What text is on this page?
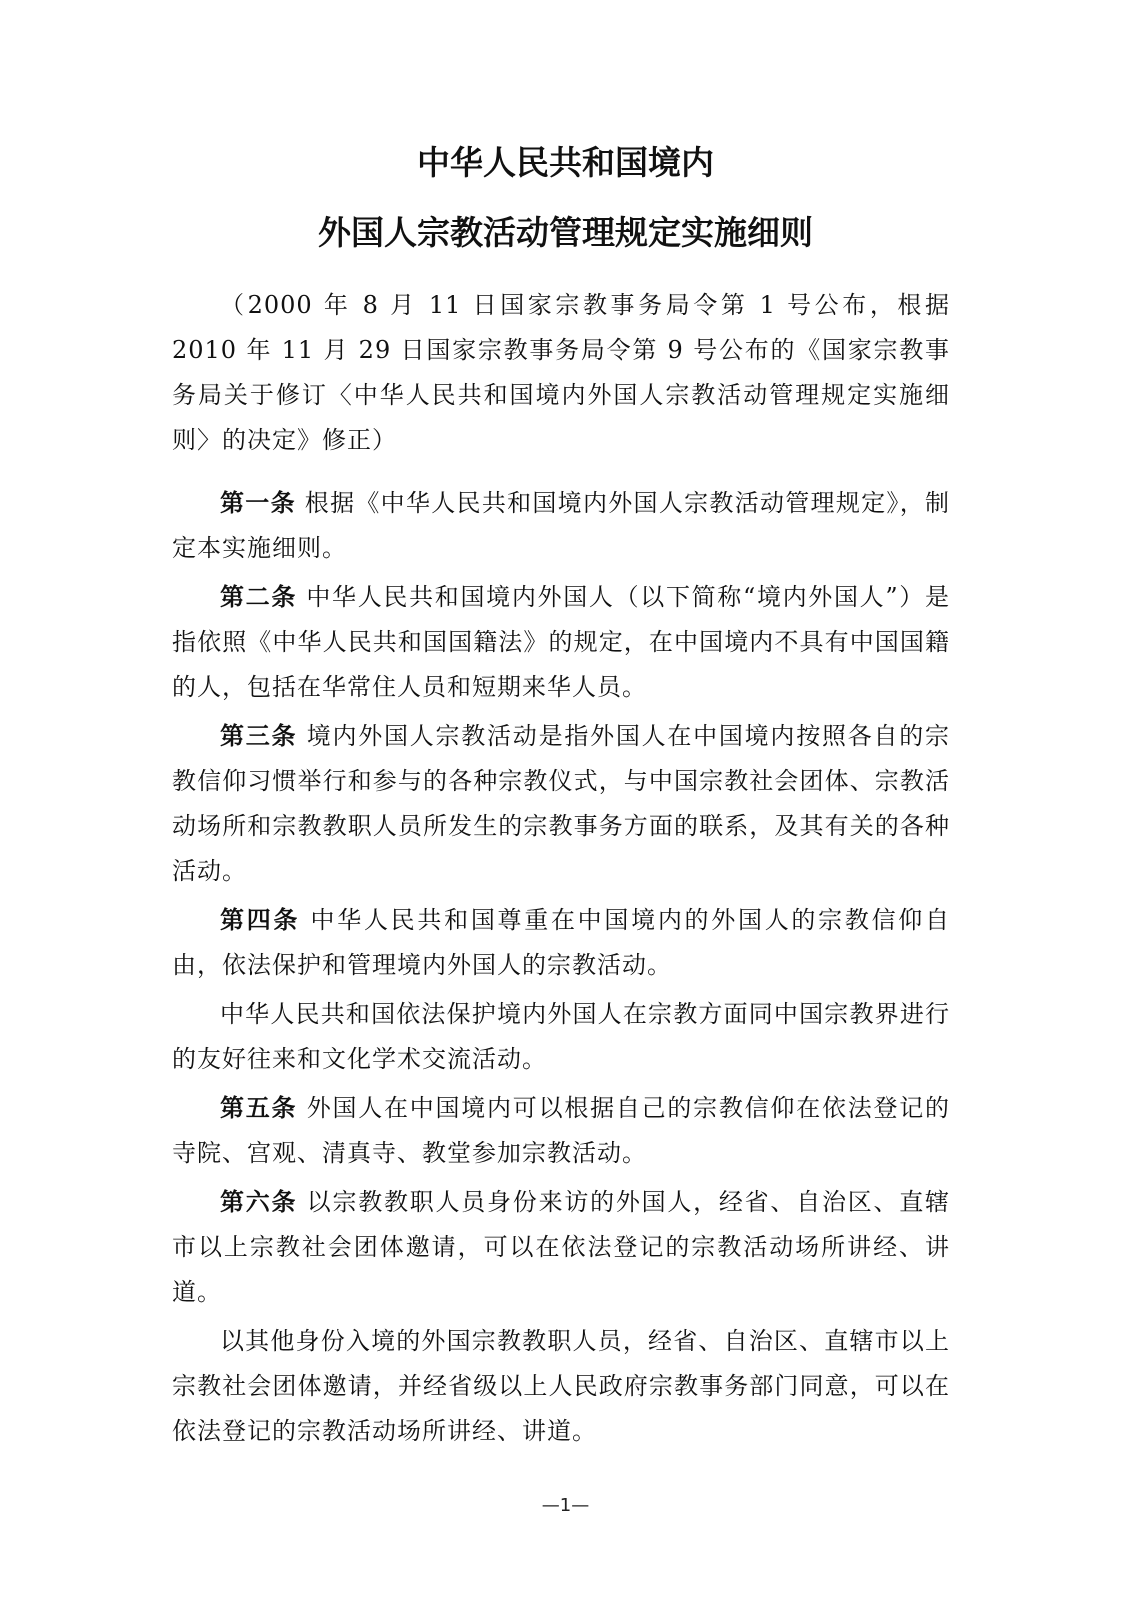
中华人民共和国境内

外国人宗教活动管理规定实施细则

（2000 年 8 月 11 日国家宗教事务局令第 1 号公布，根据 2010 年 11 月 29 日国家宗教事务局令第 9 号公布的《国家宗教事务局关于修订〈中华人民共和国境内外国人宗教活动管理规定实施细则〉的决定》修正）

第一条 根据《中华人民共和国境内外国人宗教活动管理规定》，制定本实施细则。

第二条 中华人民共和国境内外国人（以下简称“境内外国人”）是指依照《中华人民共和国国籍法》的规定，在中国境内不具有中国国籍的人，包括在华常住人员和短期来华人员。

第三条 境内外国人宗教活动是指外国人在中国境内按照各自的宗教信仰习惯举行和参与的各种宗教仪式，与中国宗教社会团体、宗教活动场所和宗教教职人员所发生的宗教事务方面的联系，及其有关的各种活动。

第四条 中华人民共和国尊重在中国境内的外国人的宗教信仰自由，依法保护和管理境内外国人的宗教活动。

中华人民共和国依法保护境内外国人在宗教方面同中国宗教界进行的友好往来和文化学术交流活动。

第五条 外国人在中国境内可以根据自己的宗教信仰在依法登记的寺院、宫观、清真寺、教堂参加宗教活动。

第六条 以宗教教职人员身份来访的外国人，经省、自治区、直辖市以上宗教社会团体邀请，可以在依法登记的宗教活动场所讲经、讲道。

以其他身份入境的外国宗教教职人员，经省、自治区、直辖市以上宗教社会团体邀请，并经省级以上人民政府宗教事务部门同意，可以在依法登记的宗教活动场所讲经、讲道。

—1—
